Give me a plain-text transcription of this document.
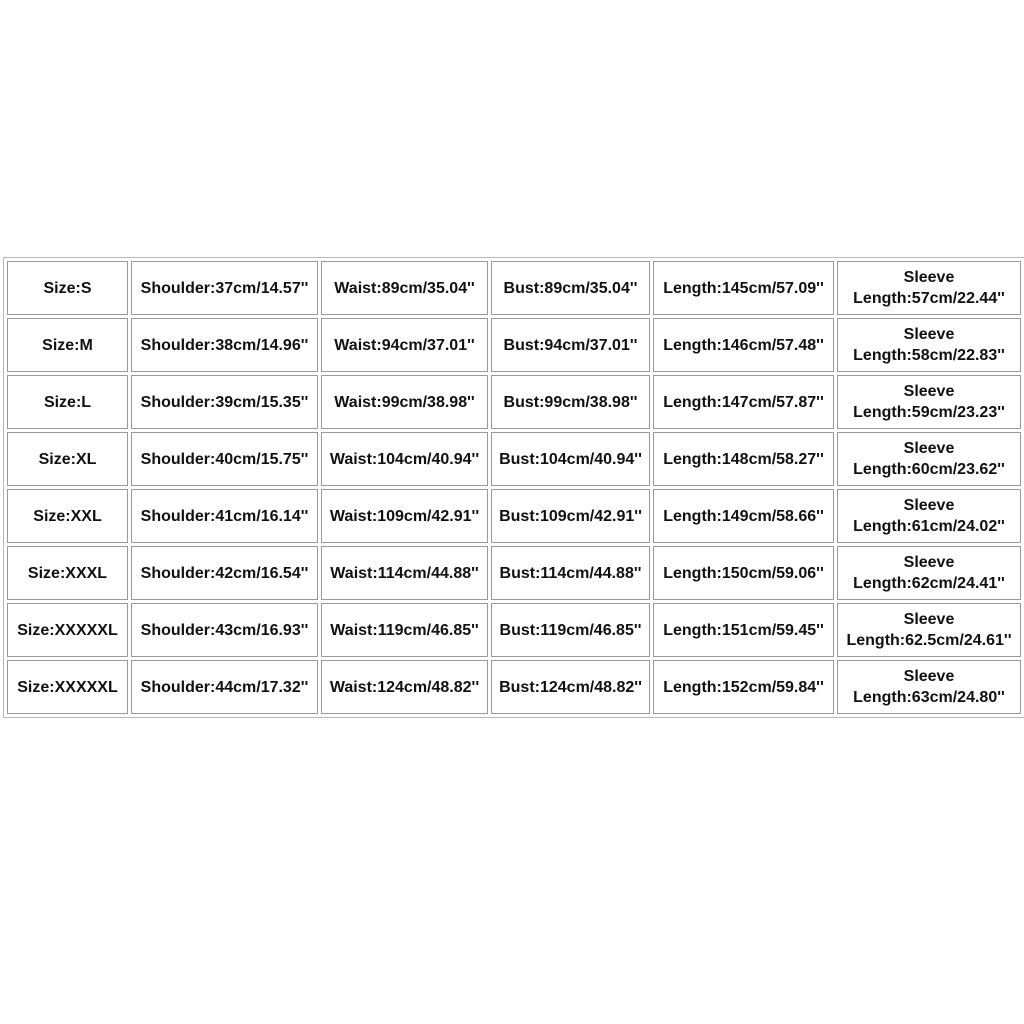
Size:S	Shoulder:37cm/14.57''	Waist:89cm/35.04''	Bust:89cm/35.04''	Length:145cm/57.09''	Sleeve
Length:57cm/22.44''

Size:M	Shoulder:38cm/14.96''	Waist:94cm/37.01''	Bust:94cm/37.01''	Length:146cm/57.48''	Sleeve
Length:58cm/22.83''

Size:L	Shoulder:39cm/15.35''	Waist:99cm/38.98''	Bust:99cm/38.98''	Length:147cm/57.87''	Sleeve
Length:59cm/23.23''

Size:XL	Shoulder:40cm/15.75''	Waist:104cm/40.94''	Bust:104cm/40.94''	Length:148cm/58.27''	Sleeve
Length:60cm/23.62''

Size:XXL	Shoulder:41cm/16.14''	Waist:109cm/42.91''	Bust:109cm/42.91''	Length:149cm/58.66''	Sleeve
Length:61cm/24.02''

Size:XXXL	Shoulder:42cm/16.54''	Waist:114cm/44.88''	Bust:114cm/44.88''	Length:150cm/59.06''	Sleeve
Length:62cm/24.41''

Size:XXXXXL	Shoulder:43cm/16.93''	Waist:119cm/46.85''	Bust:119cm/46.85''	Length:151cm/59.45''	Sleeve
Length:62.5cm/24.61''

Size:XXXXXL	Shoulder:44cm/17.32''	Waist:124cm/48.82''	Bust:124cm/48.82''	Length:152cm/59.84''	Sleeve
Length:63cm/24.80''
